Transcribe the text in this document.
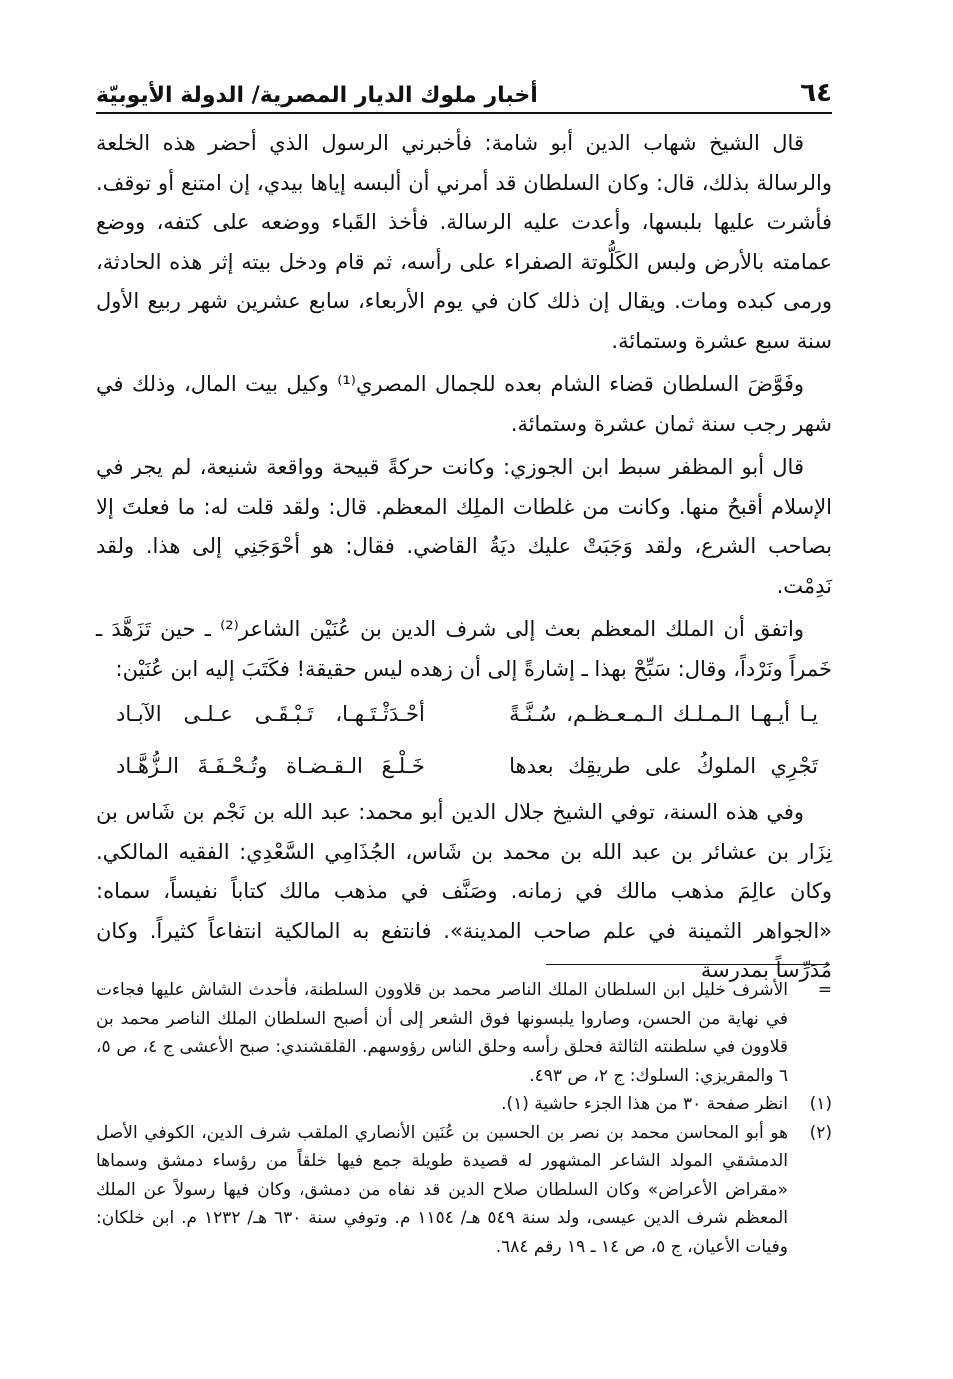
٦٤
أخبار ملوك الديار المصرية/ الدولة الأيوبيّة

قال الشيخ شهاب الدين أبو شامة: فأخبرني الرسول الذي أحضر هذه الخلعة والرسالة بذلك، قال: وكان السلطان قد أمرني أن ألبسه إياها بيدي، إن امتنع أو توقف. فأشرت عليها بلبسها، وأعدت عليه الرسالة. فأخذ القَباء ووضعه على كتفه، ووضع عمامته بالأرض ولبس الكَلُّوتة الصفراء على رأسه، ثم قام ودخل بيته إثر هذه الحادثة، ورمى كبده ومات. ويقال إن ذلك كان في يوم الأربعاء، سابع عشرين شهر ربيع الأول سنة سبع عشرة وستمائة.

وفَوَّضَ السلطان قضاء الشام بعده للجمال المصري⁽¹⁾ وكيل بيت المال، وذلك في شهر رجب سنة ثمان عشرة وستمائة.

قال أبو المظفر سبط ابن الجوزي: وكانت حركةً قبيحة وواقعة شنيعة، لم يجر في الإسلام أقبحُ منها. وكانت من غلطات الملِك المعظم. قال: ولقد قلت له: ما فعلتَ إلا بصاحب الشرع، ولقد وَجَبَتْ عليك ديَةُ القاضي. فقال: هو أحْوَجَنِي إلى هذا. ولقد نَدِمْت.

واتفق أن الملك المعظم بعث إلى شرف الدين بن عُنَيْن الشاعر⁽²⁾ ـ حين تَزَهَّدَ ـ خَمراً ونَرْداً، وقال: سَبِّحْ بهذا ـ إشارةً إلى أن زهده ليس حقيقة! فكَتَبَ إليه ابن عُنَيْن:

يـا أيـهـا الـمـلـك الـمـعـظـم، سُـنَّـةً
أحْـدَثْـتَـهـا، تَـبْـقَـى عـلـى الآبـاد
تَجْرِي الملوكُ على طريقِك بعدها
خَـلْـعَ الـقـضـاة وتُـحْـفَـةَ الـزُّهَّـاد

وفي هذه السنة، توفي الشيخ جلال الدين أبو محمد: عبد الله بن نَجْم بن شَاس بن نِزَار بن عشائر بن عبد الله بن محمد بن شَاس، الجُذَامِي السَّعْدِي: الفقيه المالكي. وكان عالِمَ مذهب مالك في زمانه. وصَنَّف في مذهب مالك كتاباً نفيساً، سماه: «الجواهر الثمينة في علم صاحب المدينة». فانتفع به المالكية انتفاعاً كثيراً. وكان مُدَرِّساً بمدرسة

=
الأشرف خليل ابن السلطان الملك الناصر محمد بن قلاوون السلطنة، فأحدث الشاش عليها فجاءت في نهاية من الحسن، وصاروا يلبسونها فوق الشعر إلى أن أصبح السلطان الملك الناصر محمد بن قلاوون في سلطنته الثالثة فحلق رأسه وحلق الناس رؤوسهم. القلقشندي: صبح الأعشى ج ٤، ص ٥، ٦ والمقريزي: السلوك: ج ٢، ص ٤٩٣.
(١)
انظر صفحة ٣٠ من هذا الجزء حاشية (١).
(٢)
هو أبو المحاسن محمد بن نصر بن الحسين بن عُنَين الأنصاري الملقب شرف الدين، الكوفي الأصل الدمشقي المولد الشاعر المشهور له قصيدة طويلة جمع فيها خلقاً من رؤساء دمشق وسماها «مقراض الأعراض» وكان السلطان صلاح الدين قد نفاه من دمشق، وكان فيها رسولاً عن الملك المعظم شرف الدين عيسى، ولد سنة ٥٤٩ هـ/ ١١٥٤ م. وتوفي سنة ٦٣٠ هـ/ ١٢٣٢ م. ابن خلكان: وفيات الأعيان، ج ٥، ص ١٤ ـ ١٩ رقم ٦٨٤.
